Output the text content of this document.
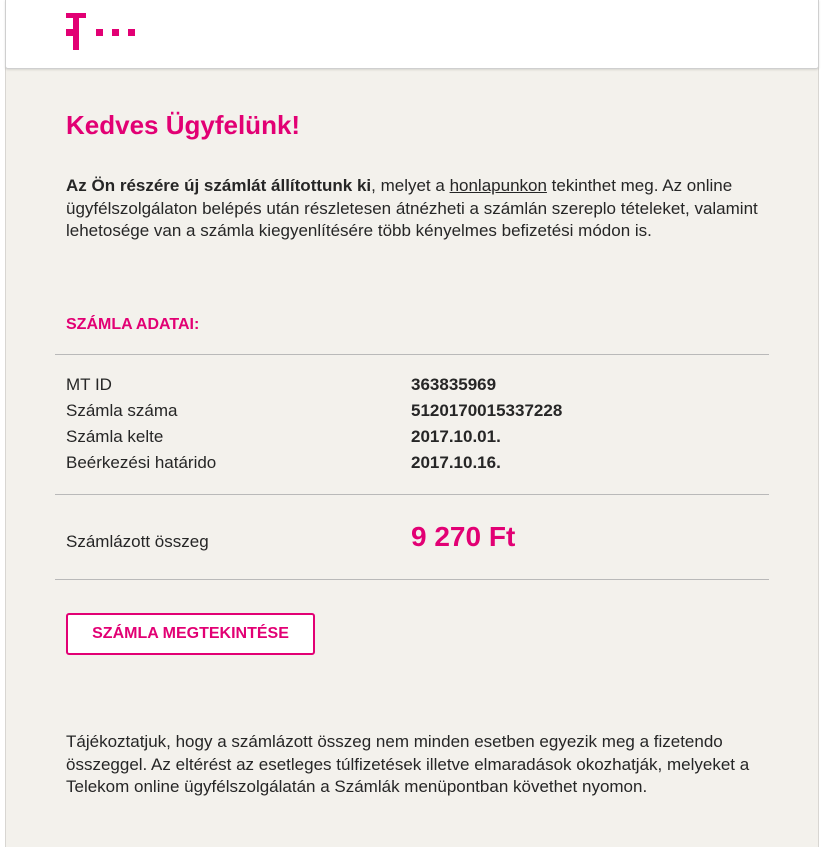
Kedves Ügyfelünk!

Az Ön részére új számlát állítottunk ki, melyet a honlapunkon tekinthet meg. Az online ügyfélszolgálaton belépés után részletesen átnézheti a számlán szereplo tételeket, valamint lehetosége van a számla kiegyenlítésére több kényelmes befizetési módon is.

SZÁMLA ADATAI:
MT ID	363835969
Számla száma	5120170015337228
Számla kelte	2017.10.01.
Beérkezési határido	2017.10.16.
Számlázott összeg	9 270 Ft
SZÁMLA MEGTEKINTÉSE

Tájékoztatjuk, hogy a számlázott összeg nem minden esetben egyezik meg a fizetendo összeggel. Az eltérést az esetleges túlfizetések illetve elmaradások okozhatják, melyeket a Telekom online ügyfélszolgálatán a Számlák menüpontban követhet nyomon.
